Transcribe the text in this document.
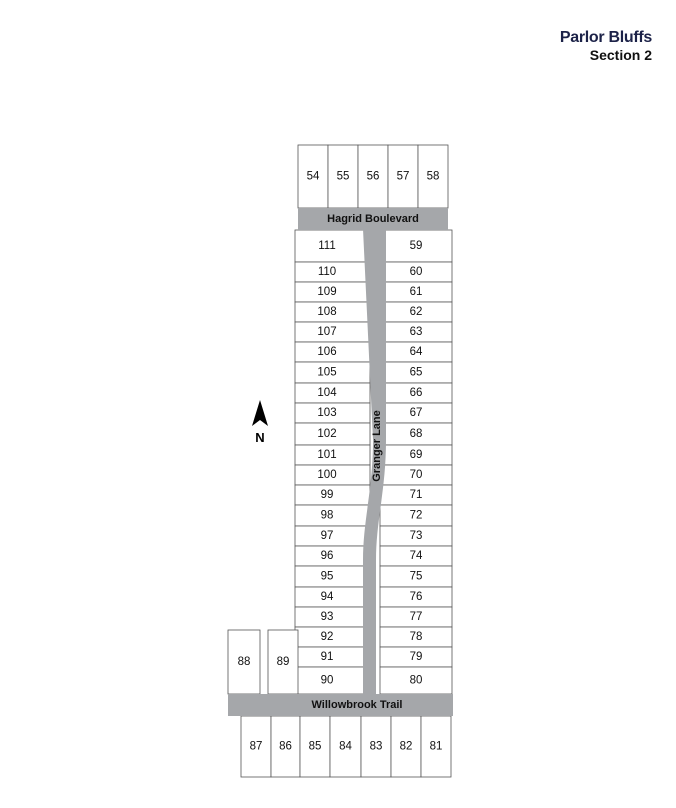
Parlor Bluffs
Section 2
54 55 56 57 58
111	59
110	60
109	61
108	62
107	63
106	64
105	65
104	66
103	67
102	68
101	69
100	70
99	71
98	72
97	73
96	74
95	75
94	76
93	77
92	78
91	79
90	80
88 89
87 86 85 84 83 82 81
Hagrid Boulevard
Willowbrook Trail
Granger Lane
N
